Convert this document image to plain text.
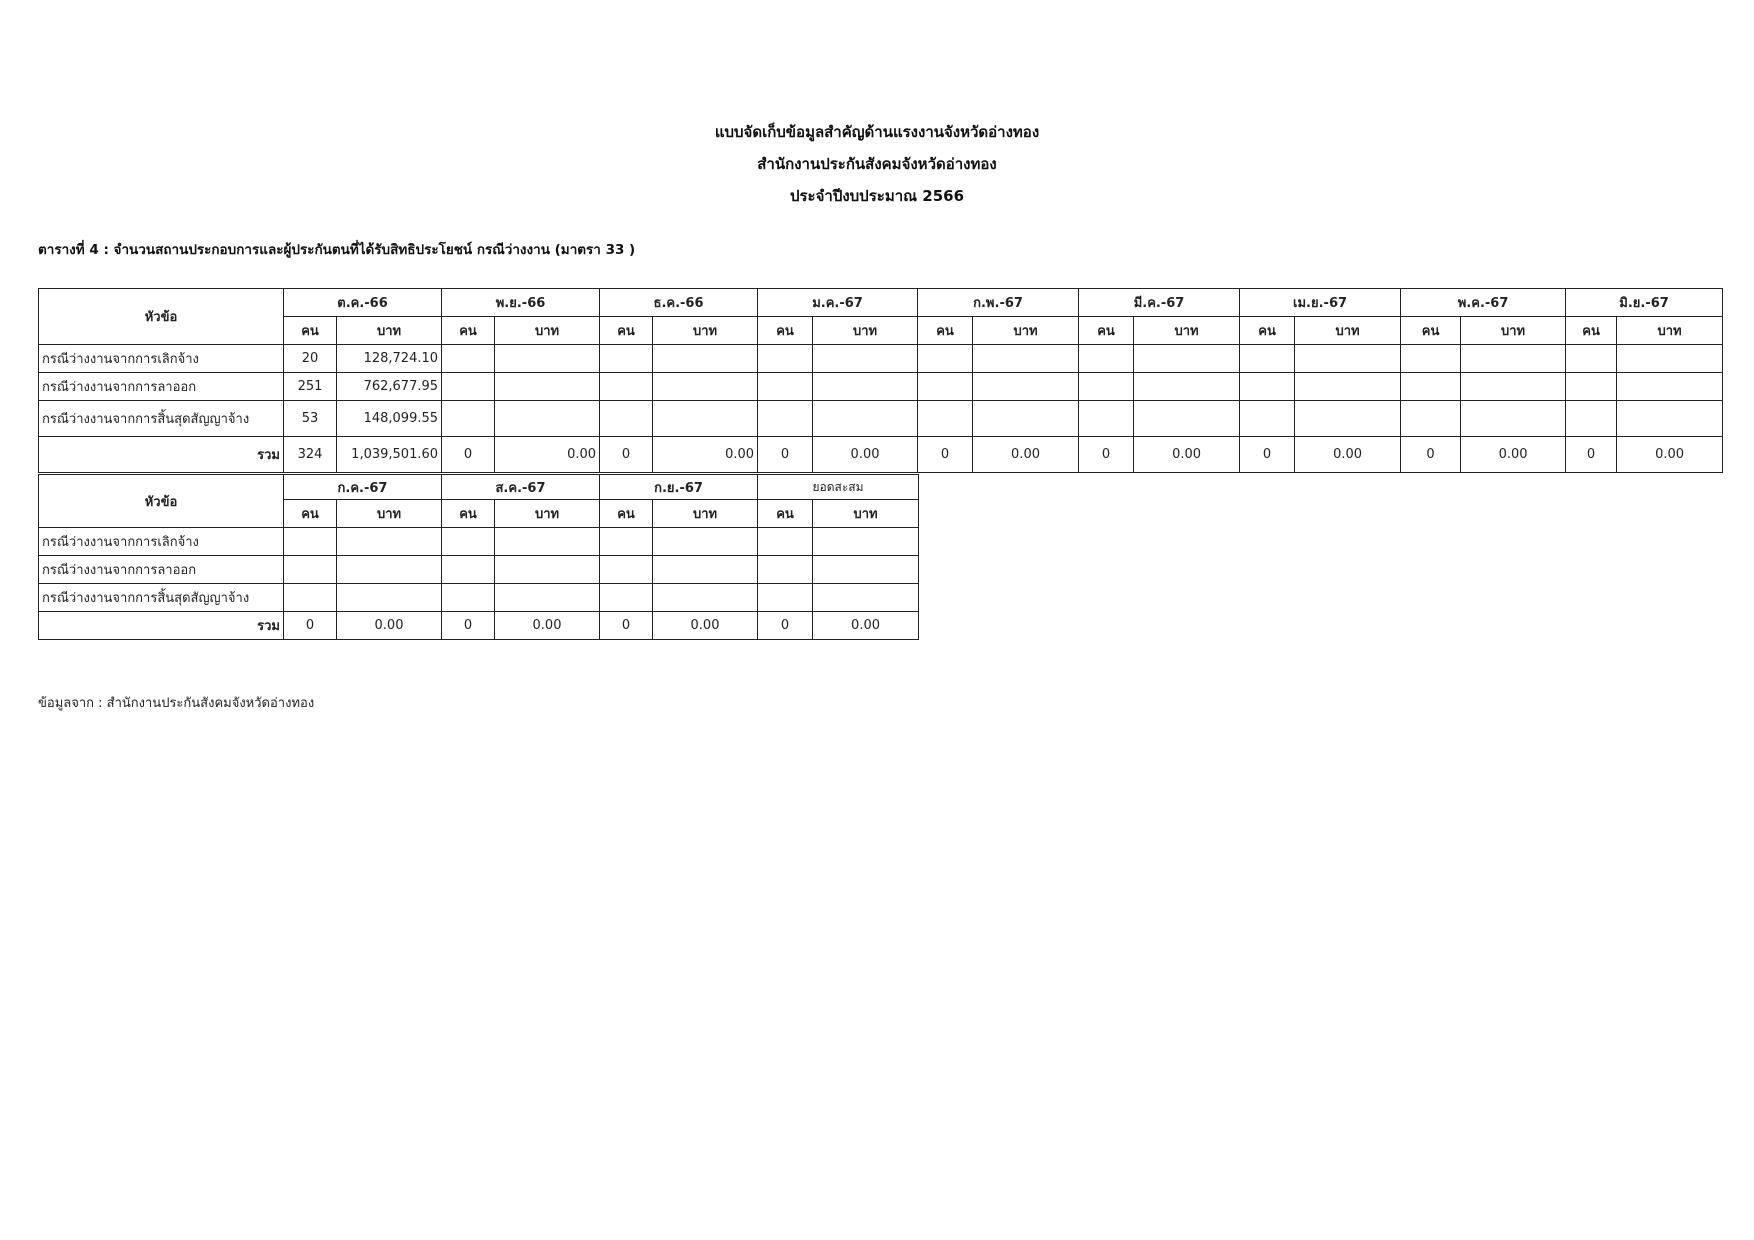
แบบจัดเก็บข้อมูลสำคัญด้านแรงงานจังหวัดอ่างทอง
สำนักงานประกันสังคมจังหวัดอ่างทอง
ประจำปีงบประมาณ 2566
ตารางที่ 4 : จำนวนสถานประกอบการและผู้ประกันตนที่ได้รับสิทธิประโยชน์ กรณีว่างงาน (มาตรา 33 )
หัวข้อ	ต.ค.-66		พ.ย.-66		ธ.ค.-66		ม.ค.-67		ก.พ.-67		มี.ค.-67		เม.ย.-67		พ.ค.-67		มิ.ย.-67	
	คน	บาท	คน	บาท	คน	บาท	คน	บาท	คน	บาท	คน	บาท	คน	บาท	คน	บาท	คน	บาท
กรณีว่างงานจากการเลิกจ้าง	20	128,724.10																
กรณีว่างงานจากการลาออก	251	762,677.95																
กรณีว่างงานจากการสิ้นสุดสัญญาจ้าง	53	148,099.55																
รวม	324	1,039,501.60	0	0.00	0	0.00	0	0.00	0	0.00	0	0.00	0	0.00	0	0.00	0	0.00
หัวข้อ	ก.ค.-67		ส.ค.-67		ก.ย.-67		ยอดสะสม	
	คน	บาท	คน	บาท	คน	บาท	คน	บาท
กรณีว่างงานจากการเลิกจ้าง								
กรณีว่างงานจากการลาออก								
กรณีว่างงานจากการสิ้นสุดสัญญาจ้าง								
รวม	0	0.00	0	0.00	0	0.00	0	0.00
ข้อมูลจาก : สำนักงานประกันสังคมจังหวัดอ่างทอง
